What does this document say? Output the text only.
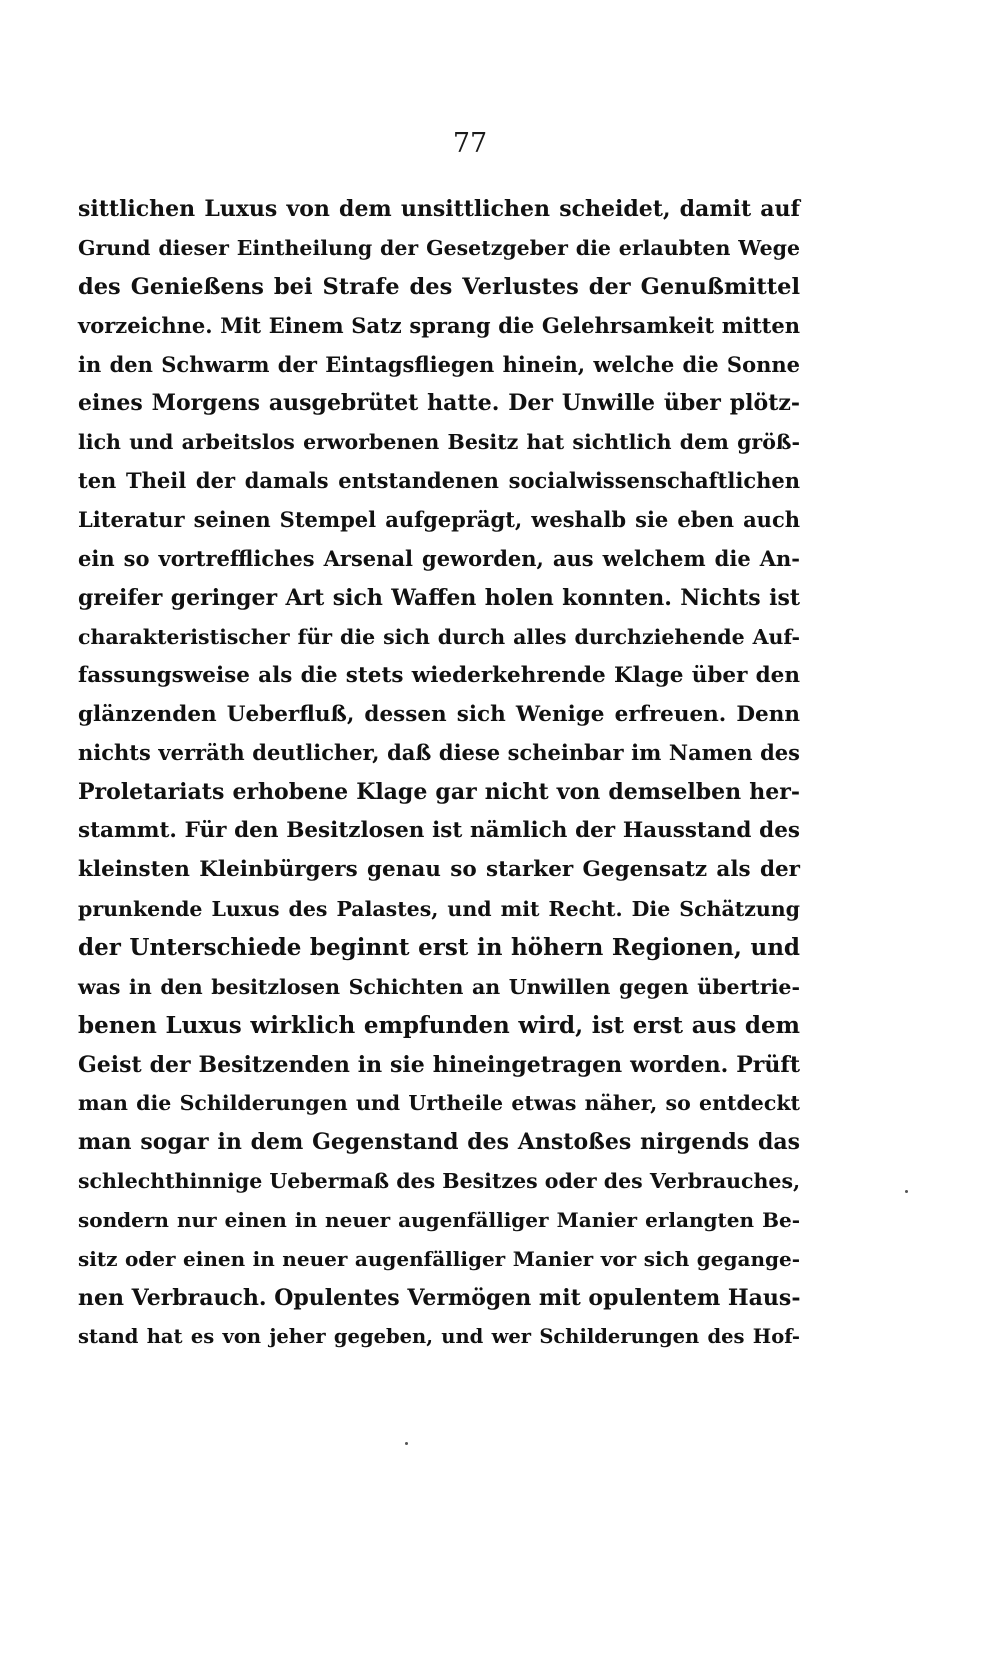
77
sittlichen Luxus von dem unsittlichen scheidet, damit auf
Grund dieser Eintheilung der Gesetzgeber die erlaubten Wege
des Genießens bei Strafe des Verlustes der Genußmittel
vorzeichne. Mit Einem Satz sprang die Gelehrsamkeit mitten
in den Schwarm der Eintagsfliegen hinein, welche die Sonne
eines Morgens ausgebrütet hatte. Der Unwille über plötz-
lich und arbeitslos erworbenen Besitz hat sichtlich dem größ-
ten Theil der damals entstandenen socialwissenschaftlichen
Literatur seinen Stempel aufgeprägt, weshalb sie eben auch
ein so vortreffliches Arsenal geworden, aus welchem die An-
greifer geringer Art sich Waffen holen konnten. Nichts ist
charakteristischer für die sich durch alles durchziehende Auf-
fassungsweise als die stets wiederkehrende Klage über den
glänzenden Ueberfluß, dessen sich Wenige erfreuen. Denn
nichts verräth deutlicher, daß diese scheinbar im Namen des
Proletariats erhobene Klage gar nicht von demselben her-
stammt. Für den Besitzlosen ist nämlich der Hausstand des
kleinsten Kleinbürgers genau so starker Gegensatz als der
prunkende Luxus des Palastes, und mit Recht. Die Schätzung
der Unterschiede beginnt erst in höhern Regionen, und
was in den besitzlosen Schichten an Unwillen gegen übertrie-
benen Luxus wirklich empfunden wird, ist erst aus dem
Geist der Besitzenden in sie hineingetragen worden. Prüft
man die Schilderungen und Urtheile etwas näher, so entdeckt
man sogar in dem Gegenstand des Anstoßes nirgends das
schlechthinnige Uebermaß des Besitzes oder des Verbrauches,
sondern nur einen in neuer augenfälliger Manier erlangten Be-
sitz oder einen in neuer augenfälliger Manier vor sich gegange-
nen Verbrauch. Opulentes Vermögen mit opulentem Haus-
stand hat es von jeher gegeben, und wer Schilderungen des Hof-
